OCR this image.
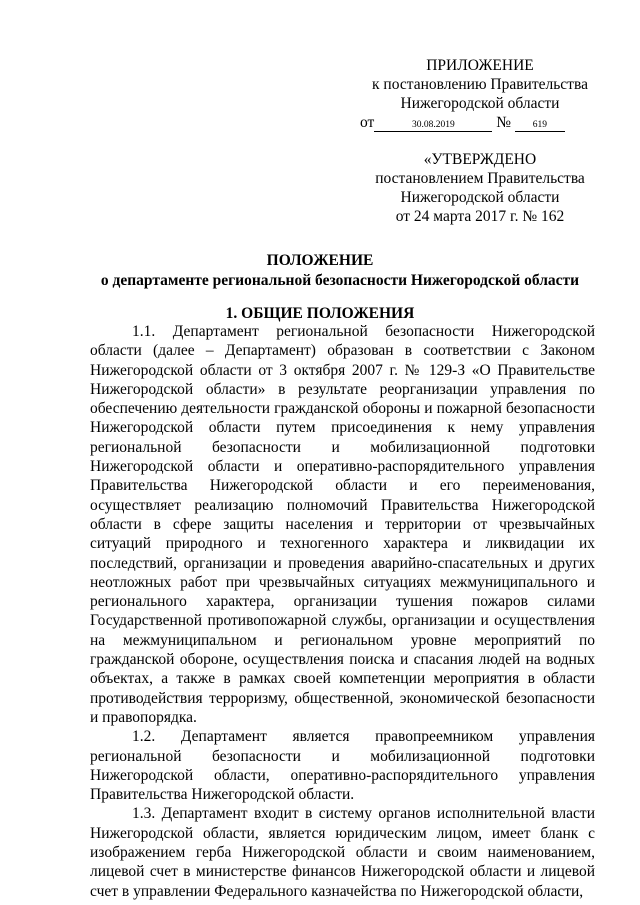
ПРИЛОЖЕНИЕ
к постановлению Правительства
Нижегородской области
от	30.08.2019	№ 619
«УТВЕРЖДЕНО
постановлением Правительства
Нижегородской области
от 24 марта 2017 г. № 162
ПОЛОЖЕНИЕ
о департаменте региональной безопасности Нижегородской области
1. ОБЩИЕ ПОЛОЖЕНИЯ

1.1. Департамент региональной безопасности Нижегородской области (далее – Департамент) образован в соответствии с Законом Нижегородской области от 3 октября 2007 г. № 129-З «О Правительстве Нижегородской области» в результате реорганизации управления по обеспечению деятельности гражданской обороны и пожарной безопасности Нижегородской области путем присоединения к нему управления региональной безопасности и мобилизационной подготовки Нижегородской области и оперативно-распорядительного управления Правительства Нижегородской области и его переименования, осуществляет реализацию полномочий Правительства Нижегородской области в сфере защиты населения и территории от чрезвычайных ситуаций природного и техногенного характера и ликвидации их последствий, организации и проведения аварийно-спасательных и других неотложных работ при чрезвычайных ситуациях межмуниципального и регионального характера, организации тушения пожаров силами Государственной противопожарной службы, организации и осуществления на межмуниципальном и региональном уровне мероприятий по гражданской обороне, осуществления поиска и спасания людей на водных объектах, а также в рамках своей компетенции мероприятия в области противодействия терроризму, общественной, экономической безопасности и правопорядка.

1.2. Департамент является правопреемником управления региональной безопасности и мобилизационной подготовки Нижегородской области, оперативно-распорядительного управления Правительства Нижегородской области.

1.3. Департамент входит в систему органов исполнительной власти Нижегородской области, является юридическим лицом, имеет бланк с изображением герба Нижегородской области и своим наименованием, лицевой счет в министерстве финансов Нижегородской области и лицевой счет в управлении Федерального казначейства по Нижегородской области,
